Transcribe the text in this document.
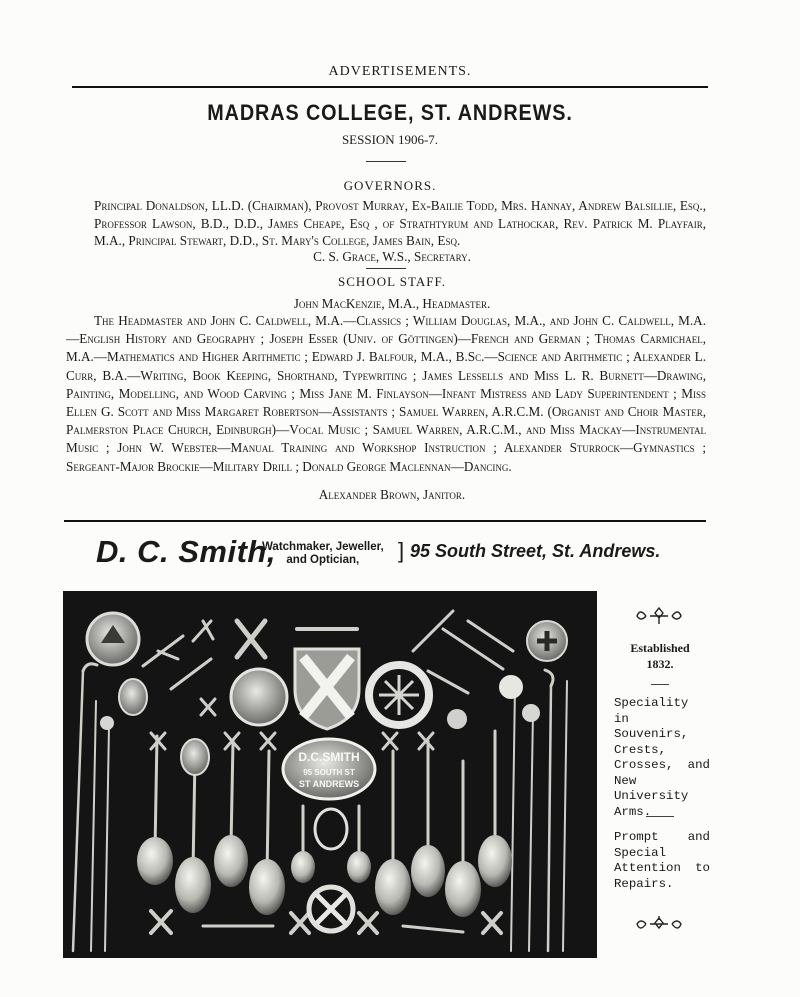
ADVERTISEMENTS.
MADRAS COLLEGE, ST. ANDREWS.
SESSION 1906-7.
GOVERNORS.
Principal Donaldson, LL.D. (Chairman), Provost Murray, Ex-Bailie Todd, Mrs. Hannay, Andrew Balsillie, Esq., Professor Lawson, B.D., D.D., James Cheape, Esq , of Strathtyrum and Lathockar, Rev. Patrick M. Playfair, M.A., Principal Stewart, D.D., St. Mary's College, James Bain, Esq.
C. S. Grace, W.S., Secretary.
SCHOOL STAFF.
John MacKenzie, M.A., Headmaster.
The Headmaster and John C. Caldwell, M.A.—Classics ; William Douglas, M.A., and John C. Caldwell, M.A.—English History and Geography ; Joseph Esser (Univ. of Göttingen)—French and German ; Thomas Carmichael, M.A.—Mathematics and Higher Arithmetic ; Edward J. Balfour, M.A., B.Sc.—Science and Arithmetic ; Alexander L. Curr, B.A.—Writing, Book Keeping, Shorthand, Typewriting ; James Lessells and Miss L. R. Burnett—Drawing, Painting, Modelling, and Wood Carving ; Miss Jane M. Finlayson—Infant Mistress and Lady Superintendent ; Miss Ellen G. Scott and Miss Margaret Robertson—Assistants ; Samuel Warren, A.R.C.M. (Organist and Choir Master, Palmerston Place Church, Edinburgh)—Vocal Music ; Samuel Warren, A.R.C.M., and Miss Mackay—Instrumental Music ; John W. Webster—Manual Training and Workshop Instruction ; Alexander Sturrock—Gymnastics ; Sergeant-Major Brockie—Military Drill ; Donald George Maclennan—Dancing.
Alexander Brown, Janitor.
D. C. Smith,
Watchmaker, Jeweller,
and Optician,	] 95 South Street, St. Andrews.
D.C.SMITH
95 SOUTH ST
ST ANDREWS
Established
1832.
Speciality in Souvenirs, Crests, Crosses, and New University Arms.
Prompt and Special Attention to Repairs.
